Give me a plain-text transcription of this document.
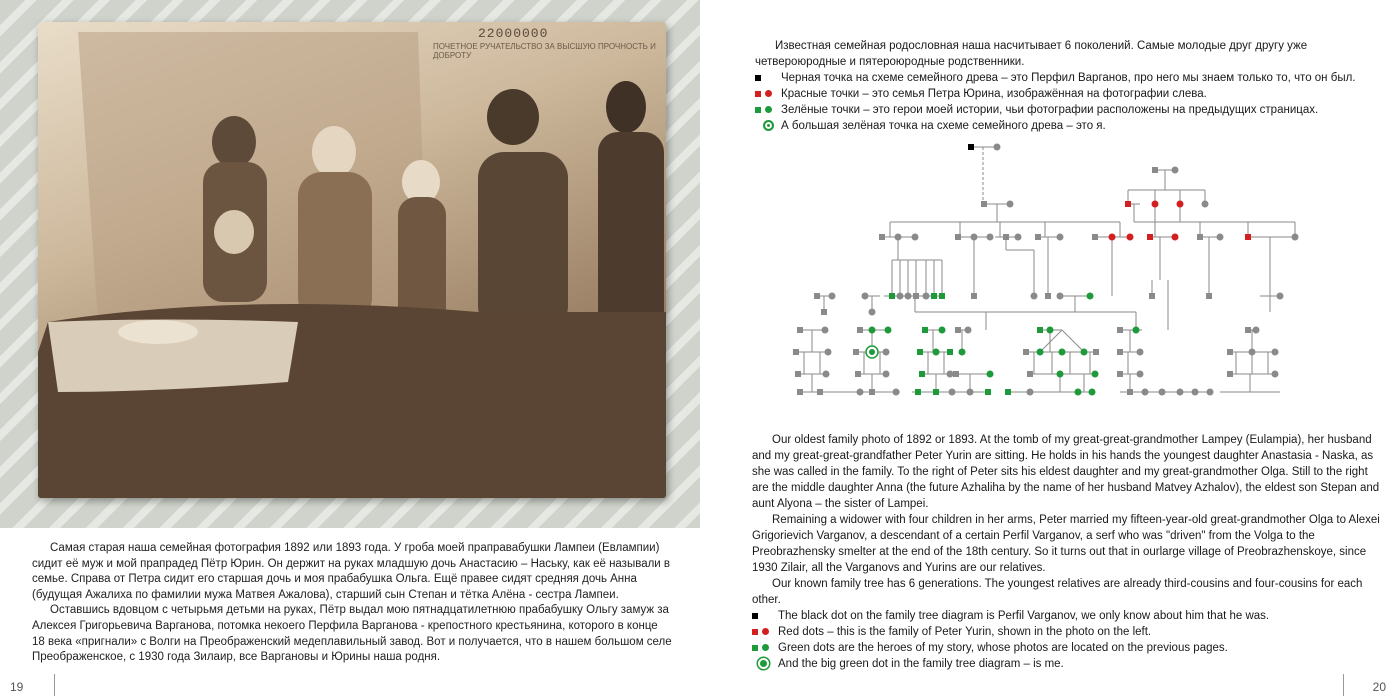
22000000
ПОЧЕТНОЕ РУЧАТЕЛЬСТВО ЗА ВЫСШУЮ ПРОЧНОСТЬ И ДОБРОТУ

Самая старая наша семейная фотография 1892 или 1893 года. У гроба моей праправабушки Лампеи (Евлампии) сидит её муж и мой прапрадед Пётр Юрин. Он держит на руках младшую дочь Анастасию – Наську, как её называли в семье. Справа от Петра сидит его старшая дочь и моя прабабушка Ольга. Ещё правее сидят средняя дочь Анна (будущая Ажалиха по фамилии мужа Матвея Ажалова), старший сын Степан и тётка Алёна - сестра Лампеи.

Оставшись вдовцом с четырьмя детьми на руках, Пётр выдал мою пятнадцатилетнюю прабабушку Ольгу замуж за Алексея Григорьевича Варганова, потомка некоего Перфила Варганова - крепостного крестьянина, которого в конце 18 века «пригнали» с Волги на Преображенский медеплавильный завод. Вот и получается, что в нашем большом селе Преображенское, с 1930 года Зилаир, все Варгановы и Юрины наша родня.

19

Известная семейная родословная наша насчитывает 6 поколений. Самые молодые друг другу уже четвероюродные и пятероюродные родственники.

Черная точка на схеме семейного древа – это Перфил Варганов, про него мы знаем только то, что он был.

Красные точки – это семья Петра Юрина, изображённая на фотографии слева.

Зелёные точки – это герои моей истории, чьи фотографии расположены на предыдущих страницах.

А большая зелёная точка на схеме семейного древа – это я.

Our oldest family photo of 1892 or 1893. At the tomb of my great-great-grandmother Lampey (Eulampia), her husband and my great-great-grandfather Peter Yurin are sitting. He holds in his hands the youngest daughter Anastasia - Naska, as she was called in the family. To the right of Peter sits his eldest daughter and my great-grandmother Olga. Still to the right are the middle daughter Anna (the future Azhaliha by the name of her husband Matvey Azhalov), the eldest son Stepan and aunt Alyona – the sister of Lampei.

Remaining a widower with four children in her arms, Peter married my fifteen-year-old great-grandmother Olga to Alexei Grigorievich Varganov, a descendant of a certain Perfil Varganov, a serf who was "driven" from the Volga to the Preobrazhensky smelter at the end of the 18th century. So it turns out that in ourlarge village of Preobrazhenskoye, since 1930 Zilair, all the Varganovs and Yurins are our relatives.

Our known family tree has 6 generations. The youngest relatives are already third-cousins and four-cousins for each other.

The black dot on the family tree diagram is Perfil Varganov, we only know about him that he was.

Red dots – this is the family of Peter Yurin, shown in the photo on the left.

Green dots are the heroes of my story, whose photos are located on the previous pages.

And the big green dot in the family tree diagram – is me.

20
